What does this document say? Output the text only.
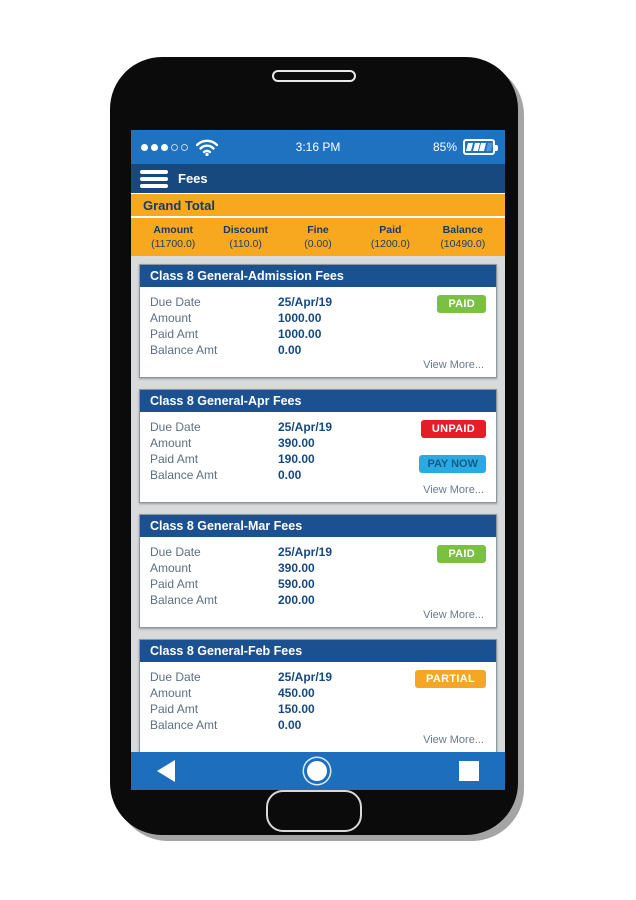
3:16 PM	85%
Fees
Grand Total
Amount	Discount	Fine	Paid	Balance
(11700.0)	(110.0)	(0.00)	(1200.0)	(10490.0)
Class 8 General-Admission Fees
PAID
Due Date	25/Apr/19
Amount	1000.00
Paid Amt	1000.00
Balance Amt	0.00
View More...
Class 8 General-Apr Fees
UNPAID
PAY NOW
Due Date	25/Apr/19
Amount	390.00
Paid Amt	190.00
Balance Amt	0.00
View More...
Class 8 General-Mar Fees
PAID
Due Date	25/Apr/19
Amount	390.00
Paid Amt	590.00
Balance Amt	200.00
View More...
Class 8 General-Feb Fees
PARTIAL
Due Date	25/Apr/19
Amount	450.00
Paid Amt	150.00
Balance Amt	0.00
View More...
